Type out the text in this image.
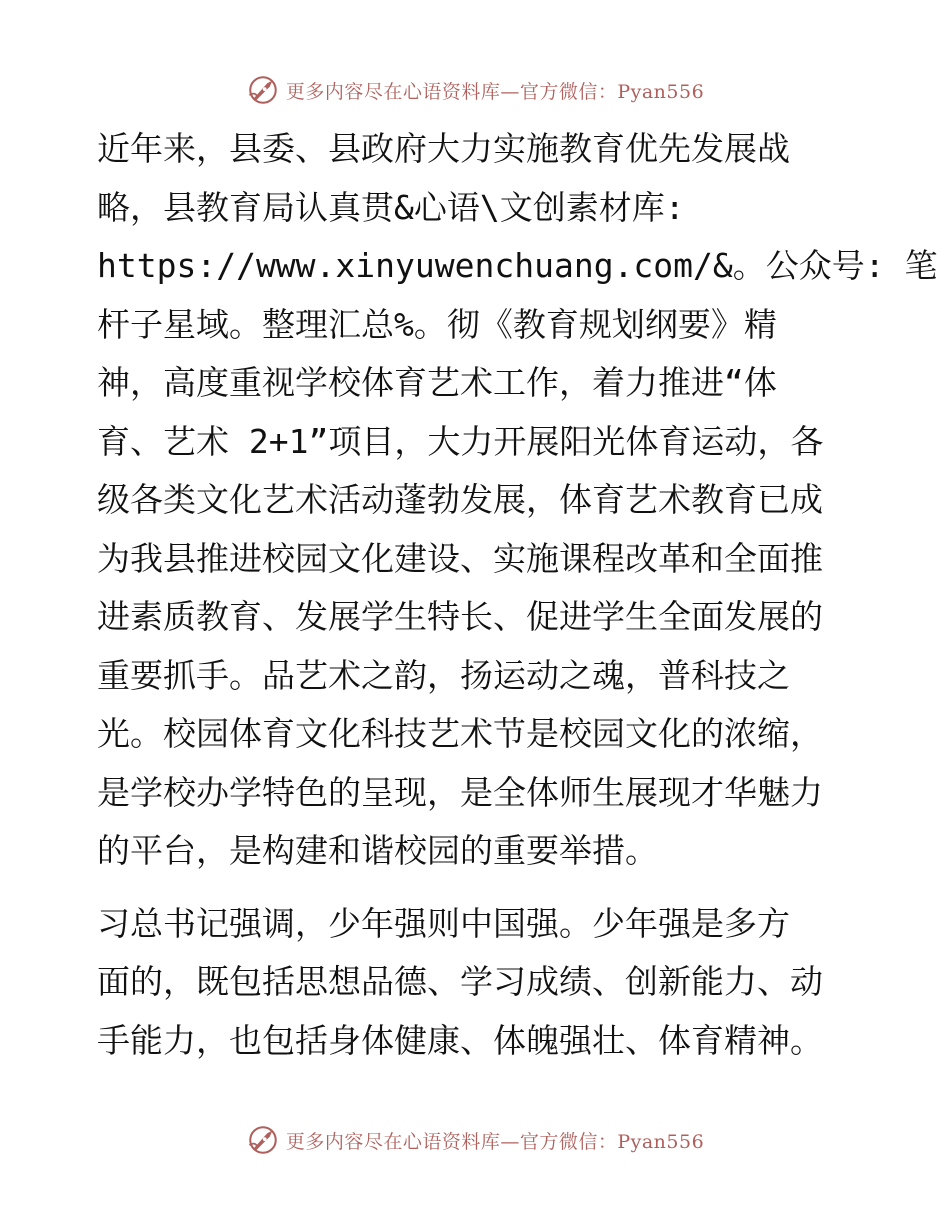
更多内容尽在心语资料库—官方微信：Pyan556

近年来，县委、县政府大力实施教育优先发展战
略，县教育局认真贯&心语\文创素材库:
https://www.xinyuwenchuang.com/&。公众号: 笔
杆子星域。整理汇总%。彻《教育规划纲要》精
神，高度重视学校体育艺术工作，着力推进“体
育、艺术 2+1”项目，大力开展阳光体育运动，各
级各类文化艺术活动蓬勃发展，体育艺术教育已成
为我县推进校园文化建设、实施课程改革和全面推
进素质教育、发展学生特长、促进学生全面发展的
重要抓手。品艺术之韵，扬运动之魂，普科技之
光。校园体育文化科技艺术节是校园文化的浓缩，
是学校办学特色的呈现，是全体师生展现才华魅力
的平台，是构建和谐校园的重要举措。

习总书记强调，少年强则中国强。少年强是多方
面的，既包括思想品德、学习成绩、创新能力、动
手能力，也包括身体健康、体魄强壮、体育精神。

更多内容尽在心语资料库—官方微信：Pyan556
